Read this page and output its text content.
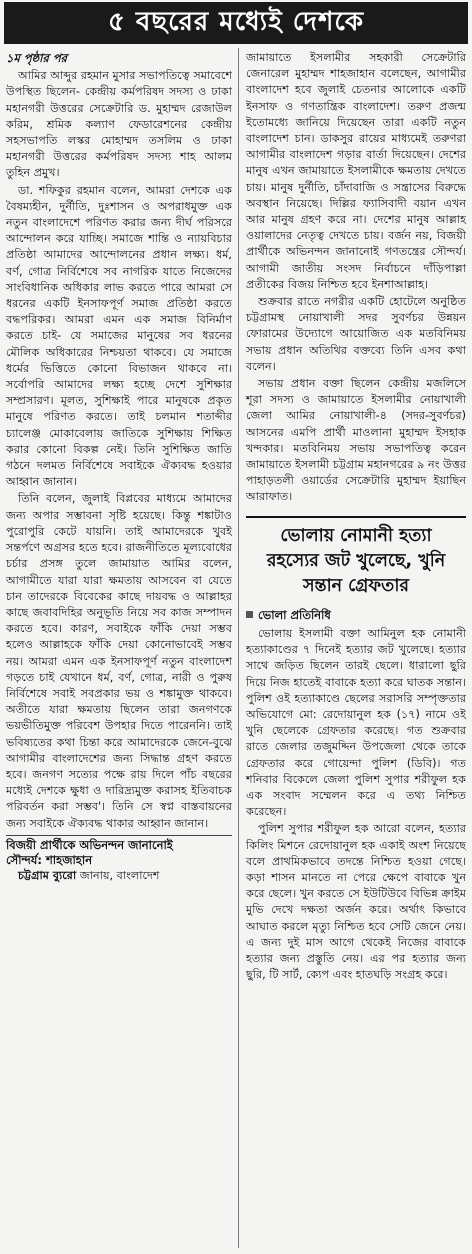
৫ বছরের মধ্যেই দেশকে
১ম পৃষ্ঠার পর

আমির আব্দুর রহমান মুসার সভাপতিত্বে সমাবেশে উপস্থিত ছিলেন- কেন্দ্রীয় কর্মপরিষদ সদস্য ও ঢাকা মহানগরী উত্তরের সেক্রেটারি ড. মুহাম্মদ রেজাউল করিম, শ্রমিক কল্যাণ ফেডারেশনের কেন্দ্রীয় সহসভাপতি লস্কর মোহাম্মদ তসলিম ও ঢাকা মহানগরী উত্তরের কর্মপরিষদ সদস্য শাহ আলম তুহিন প্রমুখ।

ডা. শফিকুর রহমান বলেন, আমরা দেশকে এক বৈষম্যহীন, দুর্নীতি, দুঃশাসন ও অপরাধমুক্ত এক নতুন বাংলাদেশে পরিণত করার জন্য দীর্ঘ পরিসরে আন্দোলন করে যাচ্ছি। সমাজে শান্তি ও ন্যায়বিচার প্রতিষ্ঠা আমাদের আন্দোলনের প্রধান লক্ষ্য। ধর্ম, বর্ণ, গোত্র নির্বিশেষে সব নাগরিক যাতে নিজেদের সাংবিধানিক অধিকার লাভ করতে পারে আমরা সে ধরনের একটি ইনসাফপূর্ণ সমাজ প্রতিষ্ঠা করতে বদ্ধপরিকর। আমরা এমন এক সমাজ বিনির্মাণ করতে চাই- যে সমাজের মানুষের সব ধরনের মৌলিক অধিকারের নিশ্চয়তা থাকবে। যে সমাজে ধর্মের ভিত্তিতে কোনো বিভাজন থাকবে না। সর্বোপরি আমাদের লক্ষ্য হচ্ছে দেশে সুশিক্ষার সম্প্রসারণ। মূলত, সুশিক্ষাই পারে মানুষকে প্রকৃত মানুষে পরিণত করতে। তাই চলমান শতাব্দীর চ্যালেঞ্জ মোকাবেলায় জাতিকে সুশিক্ষায় শিক্ষিত করার কোনো বিকল্প নেই। তিনি সুশিক্ষিত জাতি গঠনে দলমত নির্বিশেষে সবাইকে ঐক্যবদ্ধ হওয়ার আহ্বান জানান।

তিনি বলেন, জুলাই বিপ্লবের মাধ্যমে আমাদের জন্য অপার সম্ভাবনা সৃষ্টি হয়েছে। কিন্তু শঙ্কাটাও পুরোপুরি কেটে যায়নি। তাই আমাদেরকে খুবই সন্তর্পণে অগ্রসর হতে হবে। রাজনীতিতে মূল্যবোধের চর্চার প্রসঙ্গ তুলে জামায়াত আমির বলেন, আগামীতে যারা যারা ক্ষমতায় আসবেন বা যেতে চান তাদেরকে বিবেকের কাছে দায়বদ্ধ ও আল্লাহর কাছে জবাবদিহির অনুভূতি নিয়ে সব কাজ সম্পাদন করতে হবে। কারণ, সবাইকে ফাঁকি দেয়া সম্ভব হলেও আল্লাহকে ফাঁকি দেয়া কোনোভাবেই সম্ভব নয়। আমরা এমন এক ইনসাফপূর্ণ নতুন বাংলাদেশ গড়তে চাই যেখানে ধর্ম, বর্ণ, গোত্র, নারী ও পুরুষ নির্বিশেষে সবাই সবপ্রকার ভয় ও শঙ্কামুক্ত থাকবে। অতীতে যারা ক্ষমতায় ছিলেন তারা জনগণকে ভয়ভীতিমুক্ত পরিবেশ উপহার দিতে পারেননি। তাই ভবিষ্যতের কথা চিন্তা করে আমাদেরকে জেনে-বুঝে আগামীর বাংলাদেশের জন্য সিদ্ধান্ত গ্রহণ করতে হবে। জনগণ সত্যের পক্ষে রায় দিলে পাঁচ বছরের মধ্যেই দেশকে ক্ষুধা ও দারিদ্র্যমুক্ত করাসহ ইতিবাচক পরিবর্তন করা সম্ভব'। তিনি সে স্বপ্ন বাস্তবায়নের জন্য সবাইকে ঐক্যবদ্ধ থাকার আহ্বান জানান।

বিজয়ী প্রার্থীকে অভিনন্দন জানানোই
সৌন্দর্য: শাহজাহান

চট্টগ্রাম ব্যুরো জানায়, বাংলাদেশ

জামায়াতে ইসলামীর সহকারী সেক্রেটারি জেনারেল মুহাম্মদ শাহজাহান বলেছেন, আগামীর বাংলাদেশ হবে জুলাই চেতনার আলোকে একটি ইনসাফ ও গণতান্ত্রিক বাংলাদেশ। তরুণ প্রজন্ম ইতোমধ্যে জানিয়ে দিয়েছেন তারা একটি নতুন বাংলাদেশ চান। ডাকসুর রায়ের মাধ্যমেই তরুণরা আগামীর বাংলাদেশ গড়ার বার্তা দিয়েছেন। দেশের মানুষ এখন জামায়াতে ইসলামীকে ক্ষমতায় দেখতে চায়। মানুষ দুর্নীতি, চাঁদাবাজি ও সন্ত্রাসের বিরুদ্ধে অবস্থান নিয়েছে। দিল্লির ফ্যাসিবাদী বয়ান এখন আর মানুষ গ্রহণ করে না। দেশের মানুষ আল্লাহ ওয়ালাদের নেতৃত্ব দেখতে চায়। বর্জন নয়, বিজয়ী প্রার্থীকে অভিনন্দন জানানোই গণতন্ত্রের সৌন্দর্য। আগামী জাতীয় সংসদ নির্বাচনে দাঁড়িপাল্লা প্রতীকের বিজয় নিশ্চিত হবে ইনশাআল্লাহ।

শুক্রবার রাতে নগরীর একটি হোটেলে অনুষ্ঠিত চট্টগ্রামস্থ নোয়াখালী সদর সুবর্ণচর উন্নয়ন ফোরামের উদ্যোগে আয়োজিত এক মতবিনিময় সভায় প্রধান অতিথির বক্তব্যে তিনি এসব কথা বলেন।

সভায় প্রধান বক্তা ছিলেন কেন্দ্রীয় মজলিসে শূরা সদস্য ও জামায়াতে ইসলামীর নোয়াখালী জেলা আমির নোয়াখালী-৪ (সদর-সুবর্ণচর) আসনের এমপি প্রার্থী মাওলানা মুহাম্মদ ইসহাক খন্দকার। মতবিনিময় সভায় সভাপতিত্ব করেন জামায়াতে ইসলামী চট্টগ্রাম মহানগরের ৯ নং উত্তর পাহাড়তলী ওয়ার্ডের সেক্রেটারি মুহাম্মদ ইয়াছিন আরাফাত।

ভোলায় নোমানী হত্যা
রহস্যের জট খুলেছে, খুনি
সন্তান গ্রেফতার
ভোলা প্রতিনিধি

ভোলায় ইসলামী বক্তা আমিনুল হক নোমানী হত্যাকাণ্ডের ৭ দিনেই হত্যার জট খুলেছে। হত্যার সাথে জড়িত ছিলেন তারই ছেলে। ধারালো ছুরি দিয়ে নিজ হাতেই বাবাকে হত্যা করে ঘাতক সন্তান। পুলিশ ওই হত্যাকাণ্ডে ছেলের সরাসরি সম্পৃক্ততার অভিযোগে মো: রেদোয়ানুল হক (১৭) নামে ওই খুনি ছেলেকে গ্রেফতার করেছে। গত শুক্রবার রাতে জেলার তজুমদ্দিন উপজেলা থেকে তাকে গ্রেফতার করে গোয়েন্দা পুলিশ (ডিবি)। গত শনিবার বিকেলে জেলা পুলিশ সুপার শরীফুল হক এক সংবাদ সম্মেলন করে এ তথ্য নিশ্চিত করেছেন।

পুলিশ সুপার শরীফুল হক আরো বলেন, হত্যার কিলিং মিশনে রেদোয়ানুল হক একাই অংশ নিয়েছে বলে প্রাথমিকভাবে তদন্তে নিশ্চিত হওয়া গেছে। কড়া শাসন মানতে না পেরে ক্ষেপে বাবাকে খুন করে ছেলে। খুন করতে সে ইউটিউবে বিভিন্ন ক্রাইম মুভি দেখে দক্ষতা অর্জন করে। অর্থাৎ কিভাবে আঘাত করলে মৃত্যু নিশ্চিত হবে সেটি জেনে নেয়। এ জন্য দুই মাস আগে থেকেই নিজের বাবাকে হত্যার জন্য প্রস্তুতি নেয়। এর পর হত্যার জন্য ছুরি, টি সার্ট, ক্যেপ এবং হাতঘড়ি সংগ্রহ করে।
